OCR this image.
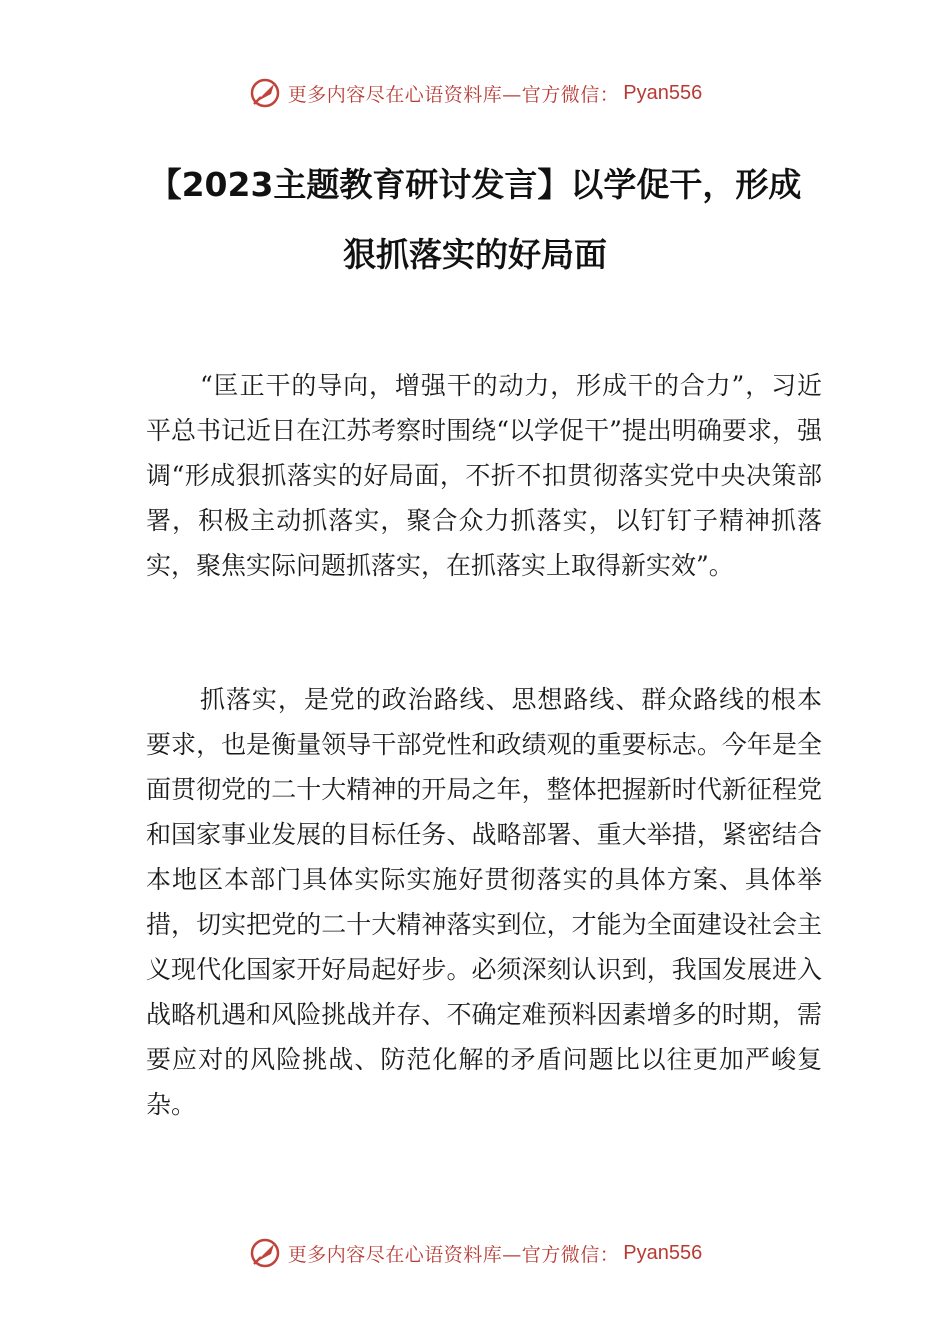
更多内容尽在心语资料库—官方微信： Pyan556
【2023主题教育研讨发言】以学促干，形成
狠抓落实的好局面

“匡正干的导向，增强干的动力，形成干的合力”，习近平总书记近日在江苏考察时围绕“以学促干”提出明确要求，强调“形成狠抓落实的好局面，不折不扣贯彻落实党中央决策部署，积极主动抓落实，聚合众力抓落实，以钉钉子精神抓落实，聚焦实际问题抓落实，在抓落实上取得新实效”。

抓落实，是党的政治路线、思想路线、群众路线的根本要求，也是衡量领导干部党性和政绩观的重要标志。今年是全面贯彻党的二十大精神的开局之年，整体把握新时代新征程党和国家事业发展的目标任务、战略部署、重大举措，紧密结合本地区本部门具体实际实施好贯彻落实的具体方案、具体举措，切实把党的二十大精神落实到位，才能为全面建设社会主义现代化国家开好局起好步。必须深刻认识到，我国发展进入战略机遇和风险挑战并存、不确定难预料因素增多的时期，需要应对的风险挑战、防范化解的矛盾问题比以往更加严峻复杂。

更多内容尽在心语资料库—官方微信： Pyan556
